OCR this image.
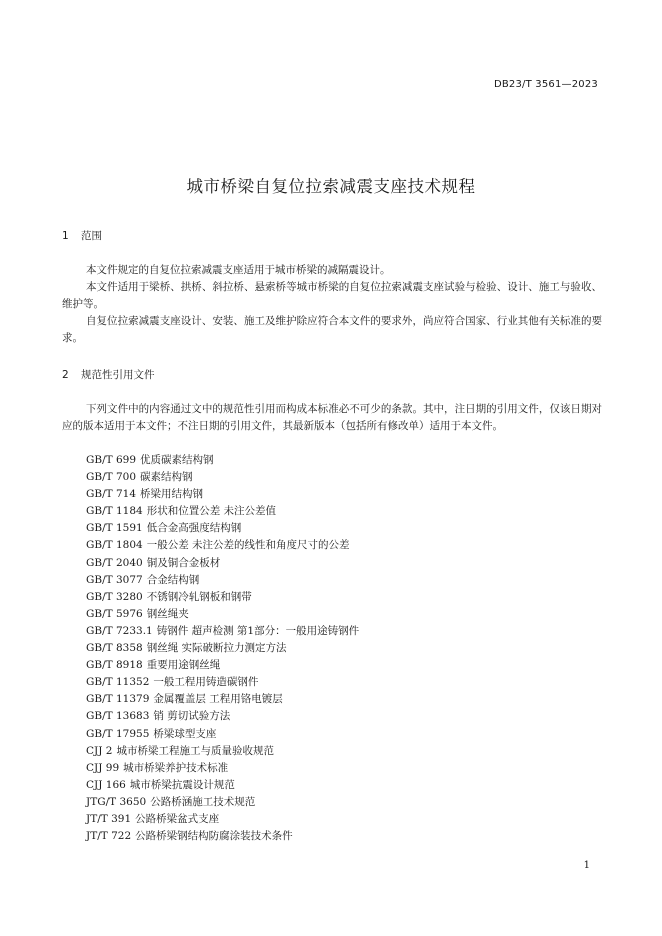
DB23/T 3561—2023
城市桥梁自复位拉索减震支座技术规程
1 范围

本文件规定的自复位拉索减震支座适用于城市桥梁的减隔震设计。

本文件适用于梁桥、拱桥、斜拉桥、悬索桥等城市桥梁的自复位拉索减震支座试验与检验、设计、施工与验收、维护等。

自复位拉索减震支座设计、安装、施工及维护除应符合本文件的要求外，尚应符合国家、行业其他有关标准的要求。

2 规范性引用文件

下列文件中的内容通过文中的规范性引用而构成本标准必不可少的条款。其中，注日期的引用文件，仅该日期对应的版本适用于本文件；不注日期的引用文件，其最新版本（包括所有修改单）适用于本文件。

GB/T 699 优质碳素结构钢
GB/T 700 碳素结构钢
GB/T 714 桥梁用结构钢
GB/T 1184 形状和位置公差 未注公差值
GB/T 1591 低合金高强度结构钢
GB/T 1804 一般公差 未注公差的线性和角度尺寸的公差
GB/T 2040 铜及铜合金板材
GB/T 3077 合金结构钢
GB/T 3280 不锈钢冷轧钢板和钢带
GB/T 5976 钢丝绳夹
GB/T 7233.1 铸钢件 超声检测 第1部分：一般用途铸钢件
GB/T 8358 钢丝绳 实际破断拉力测定方法
GB/T 8918 重要用途钢丝绳
GB/T 11352 一般工程用铸造碳钢件
GB/T 11379 金属覆盖层 工程用铬电镀层
GB/T 13683 销 剪切试验方法
GB/T 17955 桥梁球型支座
CJJ 2 城市桥梁工程施工与质量验收规范
CJJ 99 城市桥梁养护技术标准
CJJ 166 城市桥梁抗震设计规范
JTG/T 3650 公路桥涵施工技术规范
JT/T 391 公路桥梁盆式支座
JT/T 722 公路桥梁钢结构防腐涂装技术条件
1
